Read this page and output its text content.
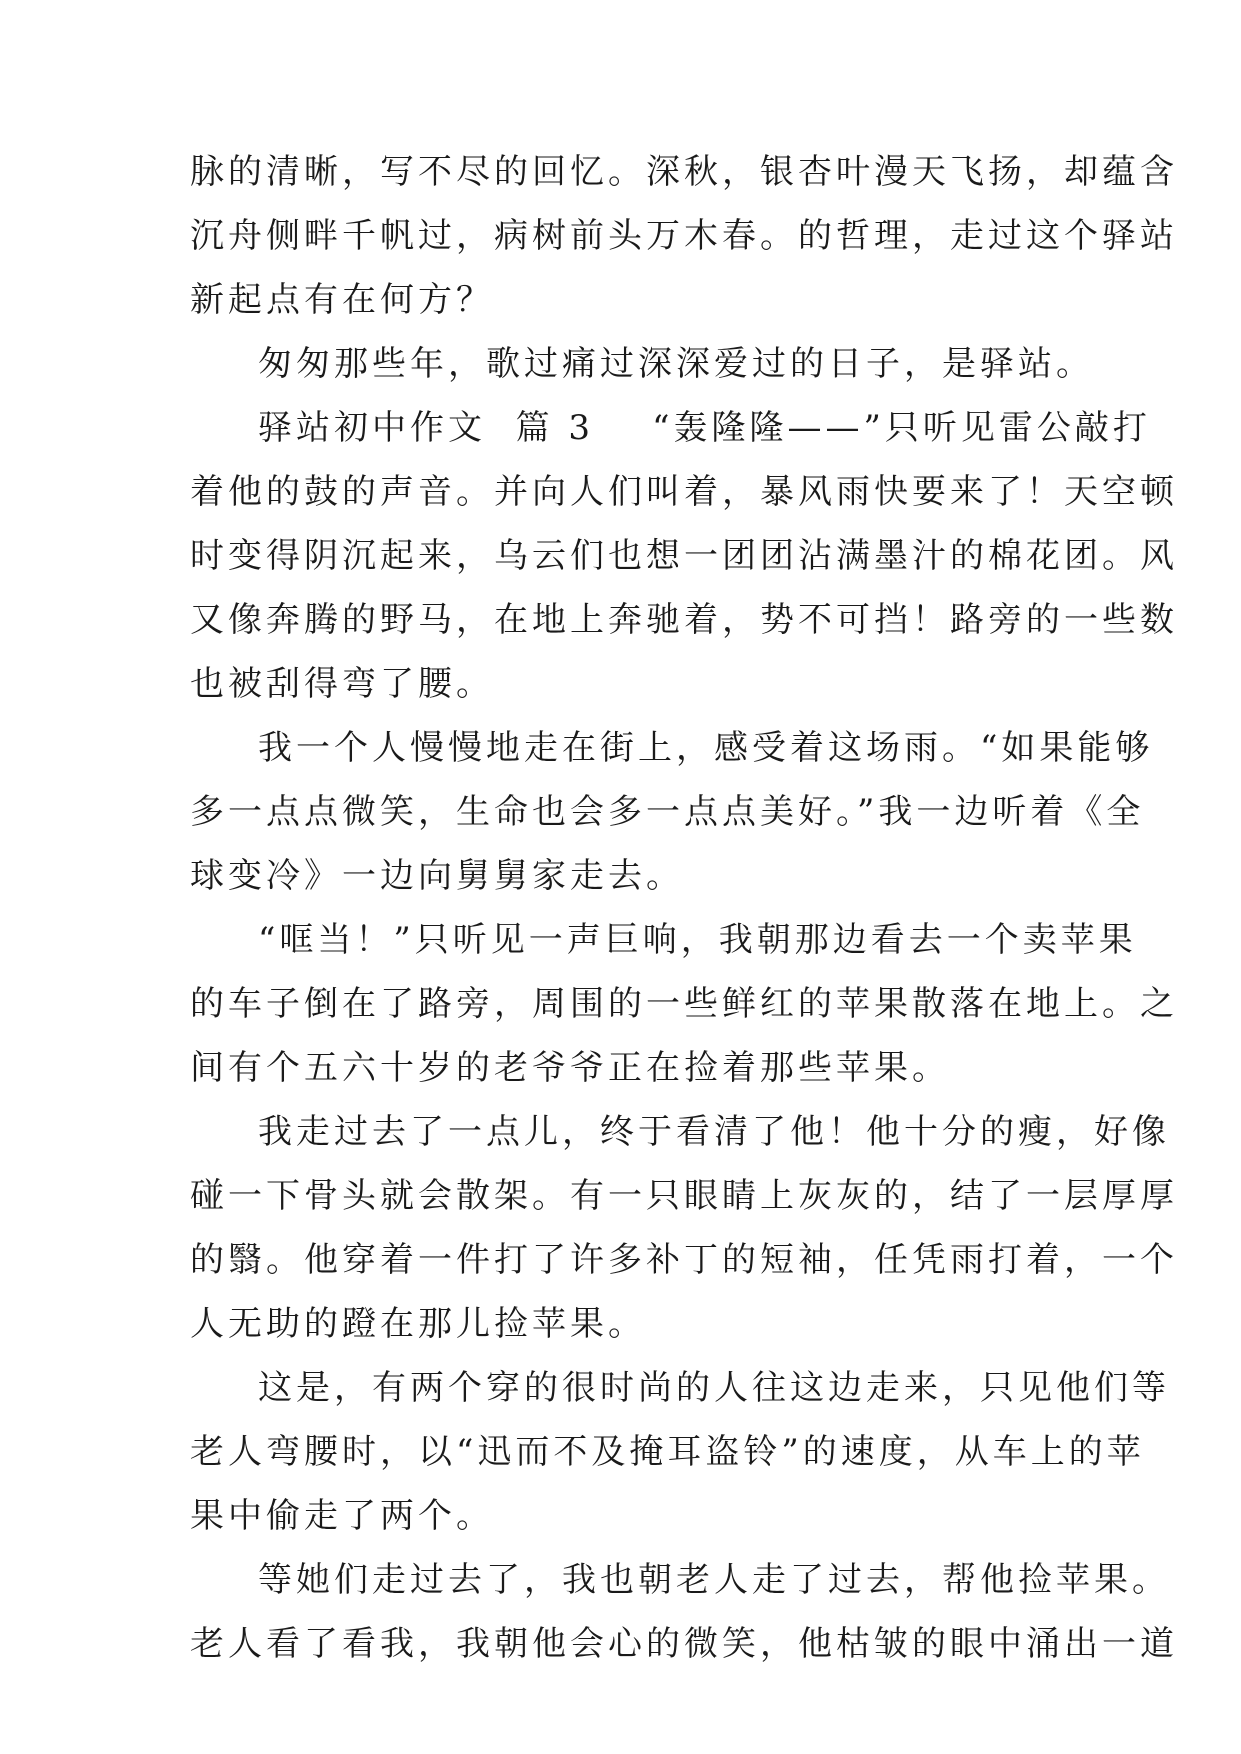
脉的清晰，写不尽的回忆。深秋，银杏叶漫天飞扬，却蕴含
沉舟侧畔千帆过，病树前头万木春。的哲理，走过这个驿站
新起点有在何方？
匆匆那些年，歌过痛过深深爱过的日子，是驿站。
驿站初中作文 篇 3 “轰隆隆——”只听见雷公敲打
着他的鼓的声音。并向人们叫着，暴风雨快要来了！天空顿
时变得阴沉起来，乌云们也想一团团沾满墨汁的棉花团。风
又像奔腾的野马，在地上奔驰着，势不可挡！路旁的一些数
也被刮得弯了腰。
我一个人慢慢地走在街上，感受着这场雨。“如果能够
多一点点微笑，生命也会多一点点美好。”我一边听着《全
球变冷》一边向舅舅家走去。
“哐当！”只听见一声巨响，我朝那边看去一个卖苹果
的车子倒在了路旁，周围的一些鲜红的苹果散落在地上。之
间有个五六十岁的老爷爷正在捡着那些苹果。
我走过去了一点儿，终于看清了他！他十分的瘦，好像
碰一下骨头就会散架。有一只眼睛上灰灰的，结了一层厚厚
的翳。他穿着一件打了许多补丁的短袖，任凭雨打着，一个
人无助的蹬在那儿捡苹果。
这是，有两个穿的很时尚的人往这边走来，只见他们等
老人弯腰时，以“迅而不及掩耳盗铃”的速度，从车上的苹
果中偷走了两个。
等她们走过去了，我也朝老人走了过去，帮他捡苹果。
老人看了看我，我朝他会心的微笑，他枯皱的眼中涌出一道
